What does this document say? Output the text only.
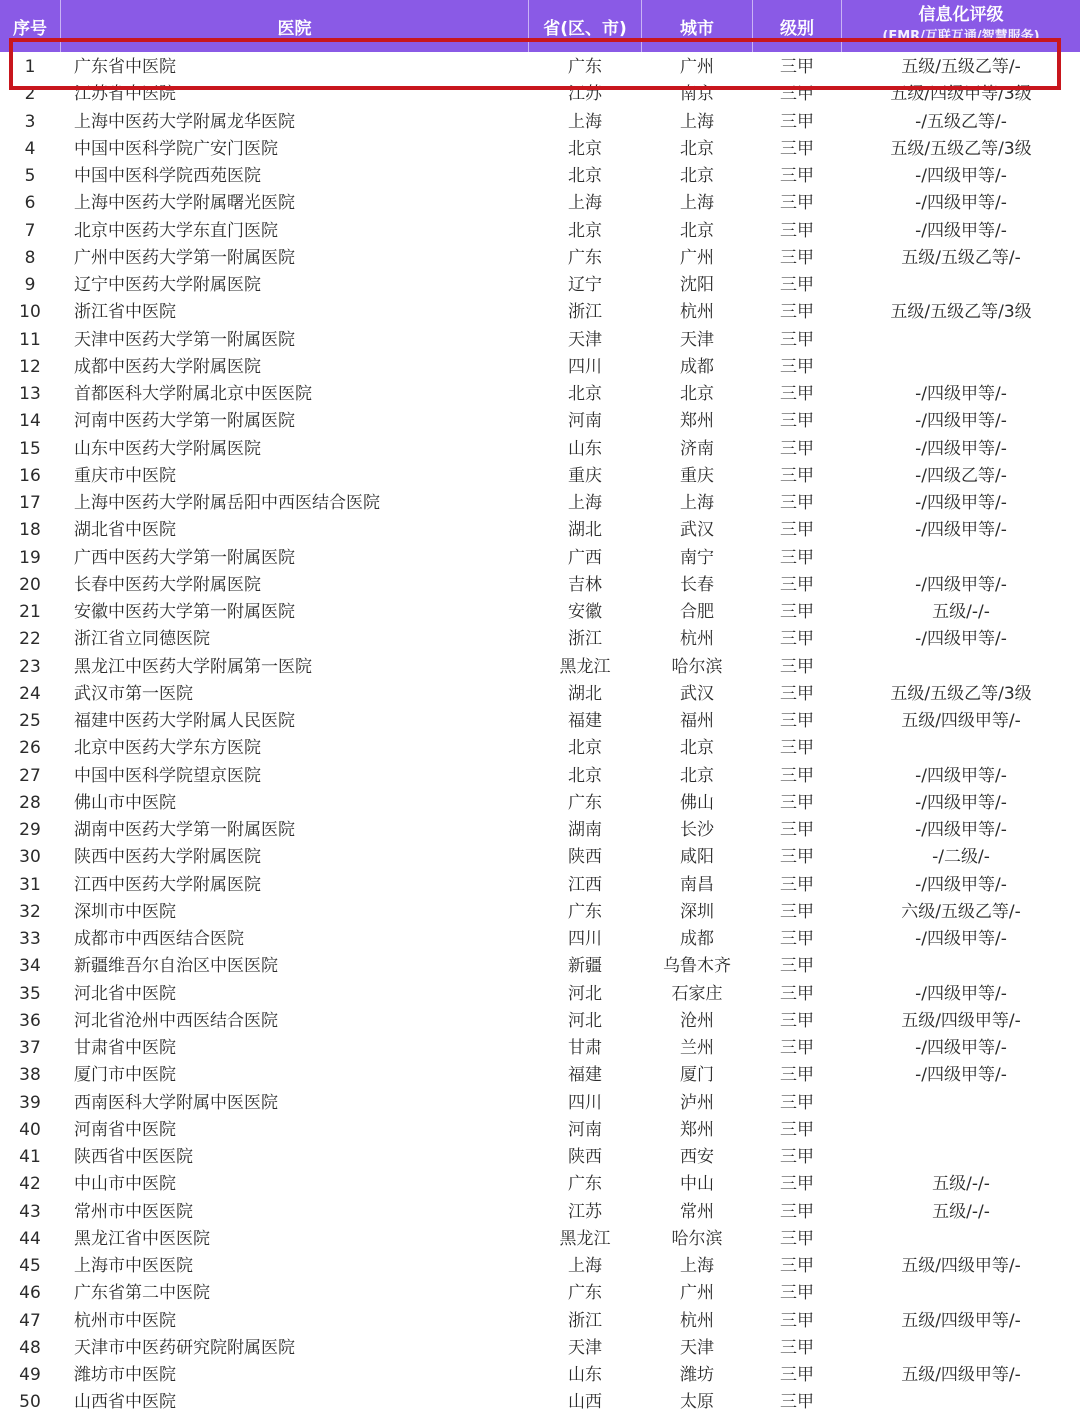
序号	医院	省(区、市)	城市	级别
信息化评级
(EMR/互联互通/智慧服务)
1	广东省中医院	广东	广州	三甲	五级/五级乙等/-
2	江苏省中医院	江苏	南京	三甲	五级/四级甲等/3级
3	上海中医药大学附属龙华医院	上海	上海	三甲	-/五级乙等/-
4	中国中医科学院广安门医院	北京	北京	三甲	五级/五级乙等/3级
5	中国中医科学院西苑医院	北京	北京	三甲	-/四级甲等/-
6	上海中医药大学附属曙光医院	上海	上海	三甲	-/四级甲等/-
7	北京中医药大学东直门医院	北京	北京	三甲	-/四级甲等/-
8	广州中医药大学第一附属医院	广东	广州	三甲	五级/五级乙等/-
9	辽宁中医药大学附属医院	辽宁	沈阳	三甲
10	浙江省中医院	浙江	杭州	三甲	五级/五级乙等/3级
11	天津中医药大学第一附属医院	天津	天津	三甲
12	成都中医药大学附属医院	四川	成都	三甲
13	首都医科大学附属北京中医医院	北京	北京	三甲	-/四级甲等/-
14	河南中医药大学第一附属医院	河南	郑州	三甲	-/四级甲等/-
15	山东中医药大学附属医院	山东	济南	三甲	-/四级甲等/-
16	重庆市中医院	重庆	重庆	三甲	-/四级乙等/-
17	上海中医药大学附属岳阳中西医结合医院	上海	上海	三甲	-/四级甲等/-
18	湖北省中医院	湖北	武汉	三甲	-/四级甲等/-
19	广西中医药大学第一附属医院	广西	南宁	三甲
20	长春中医药大学附属医院	吉林	长春	三甲	-/四级甲等/-
21	安徽中医药大学第一附属医院	安徽	合肥	三甲	五级/-/-
22	浙江省立同德医院	浙江	杭州	三甲	-/四级甲等/-
23	黑龙江中医药大学附属第一医院	黑龙江	哈尔滨	三甲
24	武汉市第一医院	湖北	武汉	三甲	五级/五级乙等/3级
25	福建中医药大学附属人民医院	福建	福州	三甲	五级/四级甲等/-
26	北京中医药大学东方医院	北京	北京	三甲
27	中国中医科学院望京医院	北京	北京	三甲	-/四级甲等/-
28	佛山市中医院	广东	佛山	三甲	-/四级甲等/-
29	湖南中医药大学第一附属医院	湖南	长沙	三甲	-/四级甲等/-
30	陕西中医药大学附属医院	陕西	咸阳	三甲	-/二级/-
31	江西中医药大学附属医院	江西	南昌	三甲	-/四级甲等/-
32	深圳市中医院	广东	深圳	三甲	六级/五级乙等/-
33	成都市中西医结合医院	四川	成都	三甲	-/四级甲等/-
34	新疆维吾尔自治区中医医院	新疆	乌鲁木齐	三甲
35	河北省中医院	河北	石家庄	三甲	-/四级甲等/-
36	河北省沧州中西医结合医院	河北	沧州	三甲	五级/四级甲等/-
37	甘肃省中医院	甘肃	兰州	三甲	-/四级甲等/-
38	厦门市中医院	福建	厦门	三甲	-/四级甲等/-
39	西南医科大学附属中医医院	四川	泸州	三甲
40	河南省中医院	河南	郑州	三甲
41	陕西省中医医院	陕西	西安	三甲
42	中山市中医院	广东	中山	三甲	五级/-/-
43	常州市中医医院	江苏	常州	三甲	五级/-/-
44	黑龙江省中医医院	黑龙江	哈尔滨	三甲
45	上海市中医医院	上海	上海	三甲	五级/四级甲等/-
46	广东省第二中医院	广东	广州	三甲
47	杭州市中医院	浙江	杭州	三甲	五级/四级甲等/-
48	天津市中医药研究院附属医院	天津	天津	三甲
49	潍坊市中医院	山东	潍坊	三甲	五级/四级甲等/-
50	山西省中医院	山西	太原	三甲
